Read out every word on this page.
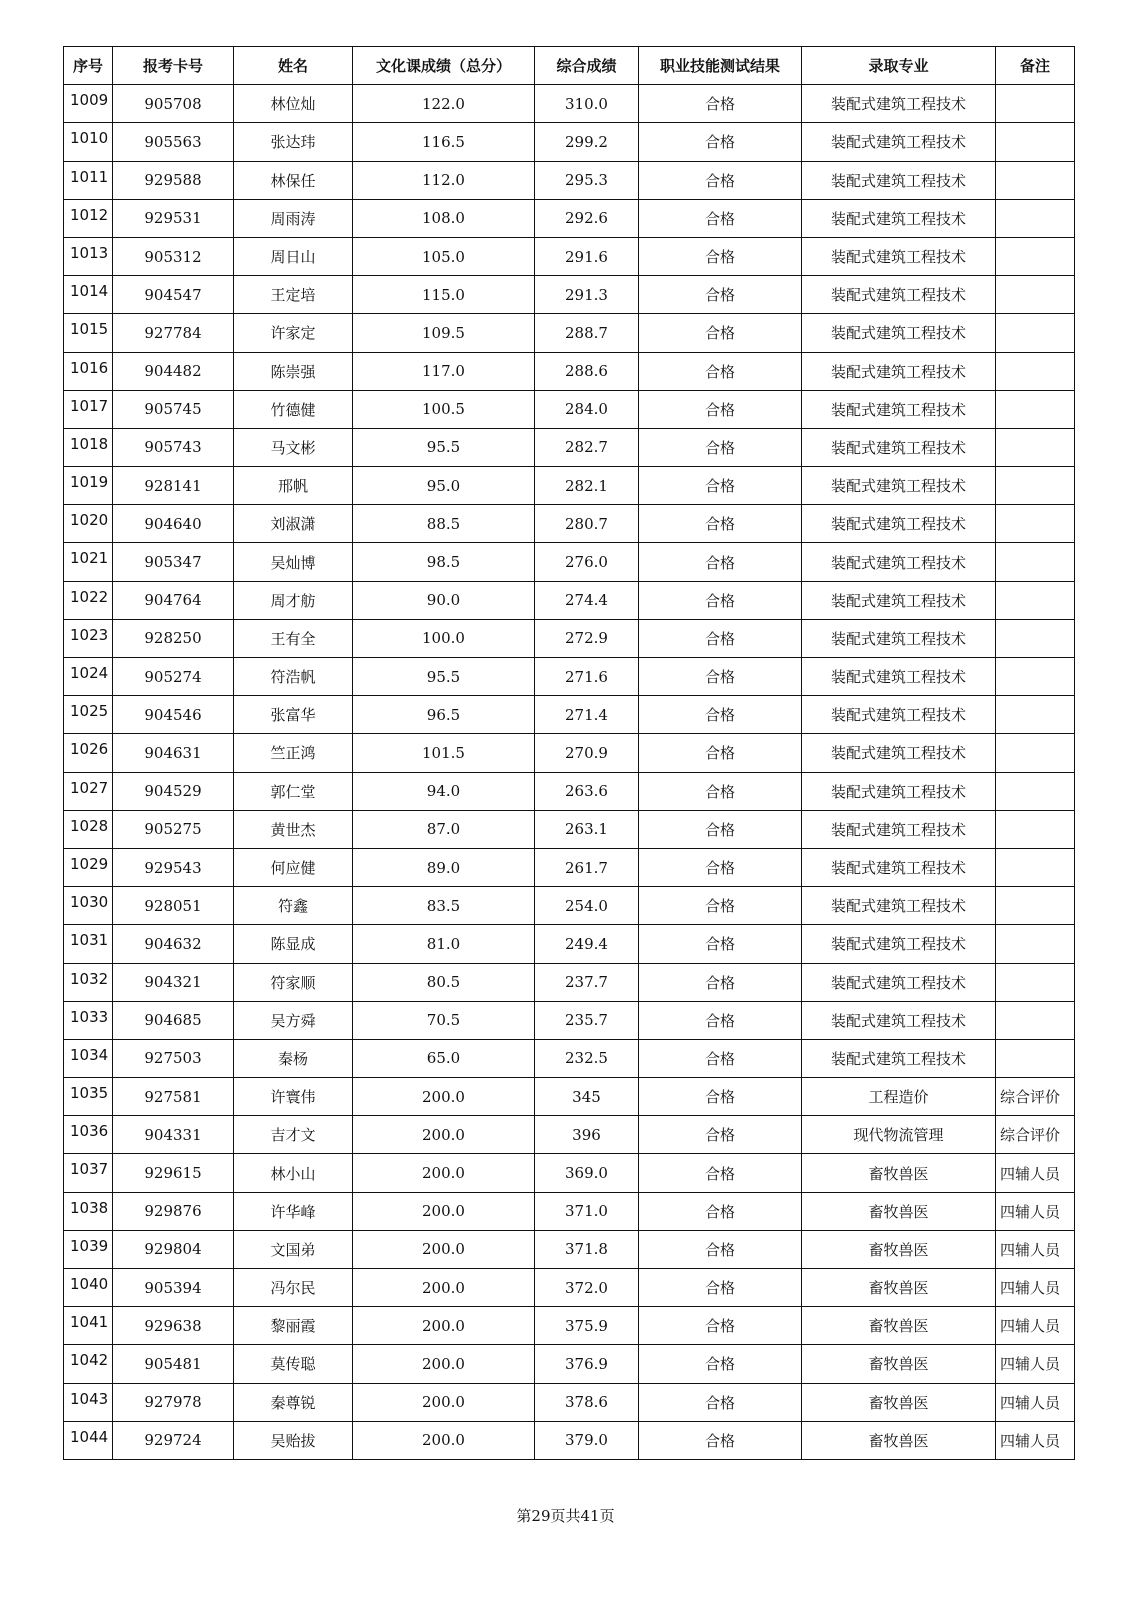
序号	报考卡号	姓名	文化课成绩（总分）	综合成绩	职业技能测试结果	录取专业	备注
1009	905708	林位灿	122.0	310.0	合格	装配式建筑工程技术	
1010	905563	张达玮	116.5	299.2	合格	装配式建筑工程技术	
1011	929588	林保任	112.0	295.3	合格	装配式建筑工程技术	
1012	929531	周雨涛	108.0	292.6	合格	装配式建筑工程技术	
1013	905312	周日山	105.0	291.6	合格	装配式建筑工程技术	
1014	904547	王定培	115.0	291.3	合格	装配式建筑工程技术	
1015	927784	许家定	109.5	288.7	合格	装配式建筑工程技术	
1016	904482	陈崇强	117.0	288.6	合格	装配式建筑工程技术	
1017	905745	竹德健	100.5	284.0	合格	装配式建筑工程技术	
1018	905743	马文彬	95.5	282.7	合格	装配式建筑工程技术	
1019	928141	邢帆	95.0	282.1	合格	装配式建筑工程技术	
1020	904640	刘淑潇	88.5	280.7	合格	装配式建筑工程技术	
1021	905347	吴灿博	98.5	276.0	合格	装配式建筑工程技术	
1022	904764	周才舫	90.0	274.4	合格	装配式建筑工程技术	
1023	928250	王有全	100.0	272.9	合格	装配式建筑工程技术	
1024	905274	符浩帆	95.5	271.6	合格	装配式建筑工程技术	
1025	904546	张富华	96.5	271.4	合格	装配式建筑工程技术	
1026	904631	竺正鸿	101.5	270.9	合格	装配式建筑工程技术	
1027	904529	郭仁堂	94.0	263.6	合格	装配式建筑工程技术	
1028	905275	黄世杰	87.0	263.1	合格	装配式建筑工程技术	
1029	929543	何应健	89.0	261.7	合格	装配式建筑工程技术	
1030	928051	符鑫	83.5	254.0	合格	装配式建筑工程技术	
1031	904632	陈显成	81.0	249.4	合格	装配式建筑工程技术	
1032	904321	符家顺	80.5	237.7	合格	装配式建筑工程技术	
1033	904685	吴方舜	70.5	235.7	合格	装配式建筑工程技术	
1034	927503	秦杨	65.0	232.5	合格	装配式建筑工程技术	
1035	927581	许寰伟	200.0	345	合格	工程造价	综合评价
1036	904331	吉才文	200.0	396	合格	现代物流管理	综合评价
1037	929615	林小山	200.0	369.0	合格	畜牧兽医	四辅人员
1038	929876	许华峰	200.0	371.0	合格	畜牧兽医	四辅人员
1039	929804	文国弟	200.0	371.8	合格	畜牧兽医	四辅人员
1040	905394	冯尔民	200.0	372.0	合格	畜牧兽医	四辅人员
1041	929638	黎丽霞	200.0	375.9	合格	畜牧兽医	四辅人员
1042	905481	莫传聪	200.0	376.9	合格	畜牧兽医	四辅人员
1043	927978	秦尊锐	200.0	378.6	合格	畜牧兽医	四辅人员
1044	929724	吴贻拔	200.0	379.0	合格	畜牧兽医	四辅人员
第29页共41页
